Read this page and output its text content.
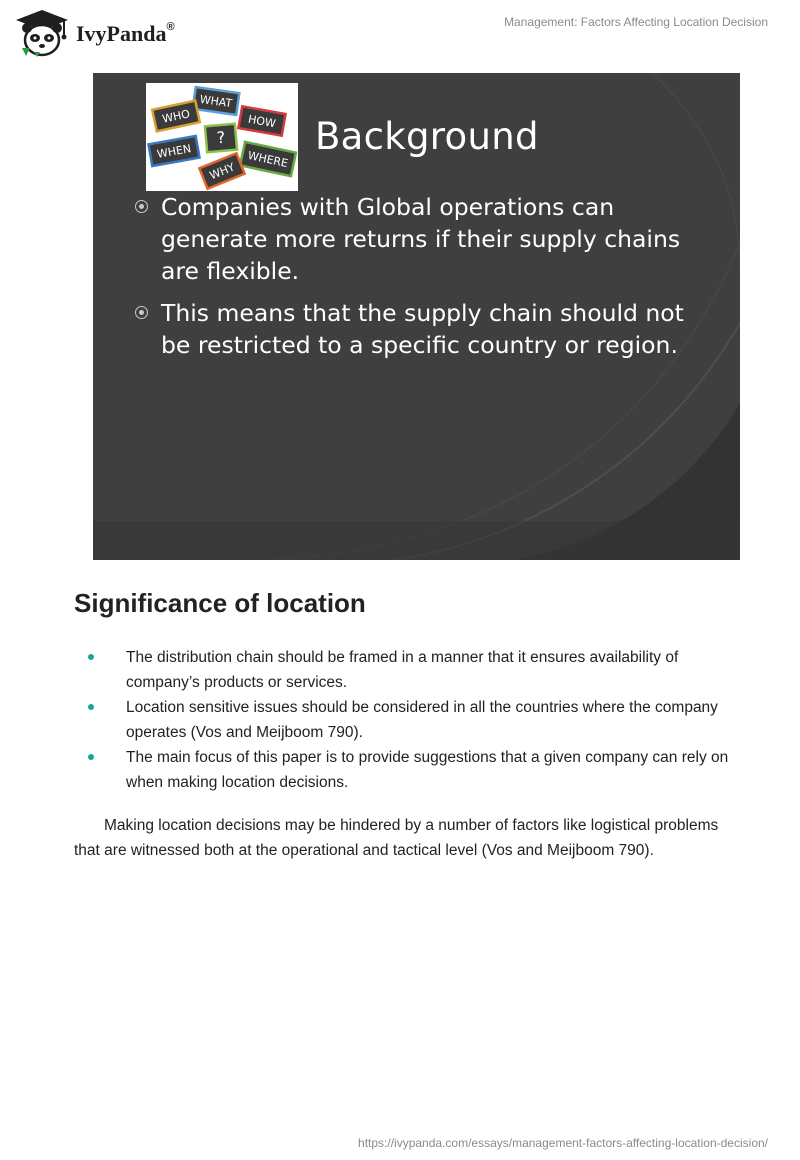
IvyPanda®	Management: Factors Affecting Location Decision
WHAT
WHO	HOW
?
WHEN	WHERE
WHY
Background
Companies with Global operations can generate more returns if their supply chains are flexible.
This means that the supply chain should not be restricted to a specific country or region.
Significance of location
The distribution chain should be framed in a manner that it ensures availability of company’s products or services.
Location sensitive issues should be considered in all the countries where the company operates (Vos and Meijboom 790).
The main focus of this paper is to provide suggestions that a given company can rely on when making location decisions.

Making location decisions may be hindered by a number of factors like logistical problems that are witnessed both at the operational and tactical level (Vos and Meijboom 790).

https://ivypanda.com/essays/management-factors-affecting-location-decision/
